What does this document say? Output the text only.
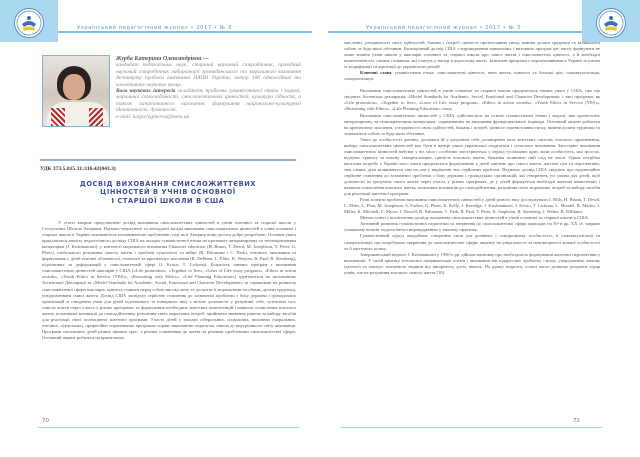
Український педагогічний журнал • 2017 • № 3

Журба Катерина Олександрівна —

кандидат педагогічних наук, старший науковий співробітник, провідний науковий співробітник лабораторії громадянського та морального виховання Інституту проблем виховання НАПН України, автор 160 одноосібних та колективних наукових праць.

Коло наукових інтересів складають проблеми гуманістичної етики і моралі, моральної самосвідомості, смисложиттєвих цінностей, культури гідності, а також патріотичного виховання, формування національно-культурної ідентичності, духовності.

e-mail: katjachiginceva@meta.ua

УДК 373.5.015.31:316.42(043.3)
ДОСВІД ВИХОВАННЯ СМИСЛОЖИТТЄВИХ
ЦІННОСТЕЙ В УЧНІВ ОСНОВНОЇ
І СТАРШОЇ ШКОЛИ В США

У статті вперше представлено досвід виховання смисложиттєвих цінностей в учнів основної та старшої школи у Сполучених Штатах Америки. Науково-теоретичні та методичні засади виховання смисложиттєвих цінностей в учнів основної і старшої школи в Україні залишаються маловивченою проблемою, тоді як в Америці вони досить добре розроблені. Основна увага приділяється аналізу педагогічного досвіду США на засадах гуманістичної етики на противагу авторитаризму та технократичним концепціям (J. Krishnamurti), у контексті морального виховання Character education (H. Brunn, T. Dewd, M. Josephson, V. Peter, G. Phots), глобального розуміння смислу життя і проблем сучасності та війни (R. Palomaan і C. Park), етичного виховання та формування у дітей етичної обізнаності, етичного та критичного мислення (R. DeHaan, L. Elder, K. Nenyen, R. Paul, R. Sternberg), підліткових та дефоромацій у смисложиттєвій сфері (J. Kristo, T. Lickona). Більшість чинних програм з виховання смисложиттєвих цінностей школярів у США («Life promotion», «Together to live», «Laws of Life essay program», «Ethics in action awards», «Youth Ethics in Service (YES)», «Reasoning with Ethics», «Life Planning Education») ґрунтуються на положеннях Аспенської Декларації та «Model Standards for Academic, Social, Emotional and Character Development» та спрямовані на розвиток смисложиттєвої сфери школярів, цінність ставити перед собою високу мету та досягати її моральними засобами, долати труднощі, усвідомлювати смисл життя. Досвід США засвідчує серйозне ставлення до зазначеної проблеми з боку держави і громадських організацій зі створення умов для дітей підліткового та юнацького віку з метою допомогти у розумінні себе, сутнісних сил, смислу життя через участь у різних програмах та формування необхідних життєвих компетенцій і навичок осмислення власного життя, позитивної мотивації до самоздійснення, розуміння своїх моральних потреб, прийняття зважених рішень та вибору засобів для реалізації своєї полноцінної життєвої програми. Участь дітей у заходах ліберальних, соціальних, виховних (моральних, етичних, лідерських), професійно спрямованих програмах сприяє виконанню педагогом, школи до внутрішнього світу вихованця. Програми охоплюють дітей різних вікових груп, з різним ставленням до життя та різними проблемами смисложиттєвої сфери. Основний акцент робиться на критичному

70
Український педагогічний журнал • 2017 • № 3

мисленні, узгодженості своїх здібностей, бажань і потреб, цінності протистояння тиску, вміння долати труднощі та залишатися собою за будь-яких обставин. Багаторічний досвід США з впровадження навчальних і виховних програм дає змогу формувати не лише знання учнів школи у школярів основної та старшої школи про смисл життя і смисложиттєві цінності, а й необхідні компетентності, уміння і навички, які стануть у нагоді в дорослому житті. Зазначені програми є перспективними в Україні за умови їх модифікації та адаптації до українських реалій.

Ключові слова: гуманістична етика, смисложиттєві цінності, мета життя, цінності та близькі цілі, самоактуалізація, самореалізація.

Виховання смисложиттєвих цінностей в учнів основної та старшої школи приділяється значна увага у США, про що свідчить Аспенська декларація, «Model Standards for Academic, Social, Emotional and Character Development» і такі програми, як «Life promotion», «Together to live», «Laws of Life essay program», «Ethics in action awards», «Youth Ethics in Service (YES)», «Reasoning with Ethics», «Life Planning Education» тощо.

Виховання смисложиттєвих цінностей у США здійснюється на основі гуманістичної етики і моралі, яка протистоїть авторитаризму та технократичним концепціям, спрямованим на виховання функціонального індивіда. Основний акцент робиться на критичному мисленні, узгодженості своїх здібностей, бажань і потреб, цінності протистояння тиску, вміння долати труднощі та залишатися собою за будь-яких обставин.

Увага до особистості дитини, допомога їй у розумінні себе, розширенні кола життєвих смислів, власного призначення, вибору смисложиттєвих цінностей має бути в центрі уваги української педагогіки і сучасного виховання. Загострює виховання смисложиттєвих цінностей набуває у всі часи і особливо загострюється у період суспільних криз, коли особистість, яка зростає, відчуває тривогу за власну самореалізацію, цінність власного життя, бажання залишити свій слід на землі. Однак потрібна нагальна потреба у Україні мало уваги приділяється формуванню у дітей уявлень про смисл життя, життєві цілі та перспективи, тим самим, діти залишаються сам на сам у вирішенні тих серйозних проблем. Водночас досвід США свідчить про надзвичайно серйозне ставлення до зазначеної проблеми з боку держави і громадських організацій, які створюють усі умови для дітей, щоб допомогти їм зрозуміти смисл життя через участь у різних програмах, де у дітей формується необхідні життєві компетенції і навички осмислення власного життя, позитивна мотивація до самоздійснення, розуміння своїх моральних потреб та вибору засобів для реалізації життєвої програми.

Різні аспекти проблеми виховання смисложиттєвих цінностей у дітей різного віку досліджували J. Bills, H. Brunn, T. Dewd, L. Elder, L. Flint, M. Josephson, S. Forbes, G. Phots, K. Kelly, J. Kerridge, J. Krishnamurti, J. Kristo, T. Lickona, L. Mendel, R. Martin, J. Miller, K. Mitchell, C. Myrer, J. Nowell, R. Palomaan, C. Park, R. Paul, V. Peter, K. Stapleton, R. Sternberg, J. Weber, R. Williams.

Метою статті є висвітлення досвіду виховання смисложиттєвих цінностей в учнів основної та старшої школи в США.

Активний розвиток гуманістичної педагогіки та звернення до смисложиттєвої сфери припадає на 50-ті рр. XX ст. завдяки гуманному впливу педагогічного впровадженню у виховну практику.

Гуманістичний підхід передбачає створення умов для розвитку і саморозвитку особистості, її самоактуалізації та самореалізації, що потребувало звернення до смисложиттєвої сфери, акценту на унікальності та неповторності кожної особистості та її життєвого шляху.

Американський педагог J. Krishnamurti у 1950-х рр. дійшов висновку про необхідність формування життєвої перспективи у вихованців. У своїй критиці тогочасної американської освіти і виховання він підкреслює проблему страху, упередження, впливу ідеології та показує залежність людини від авторитету, догм, звичок. На думку педагога, освіта часто дозволяє розуміти серця учнів, але не розуміння власного смислу життя [10].

71
